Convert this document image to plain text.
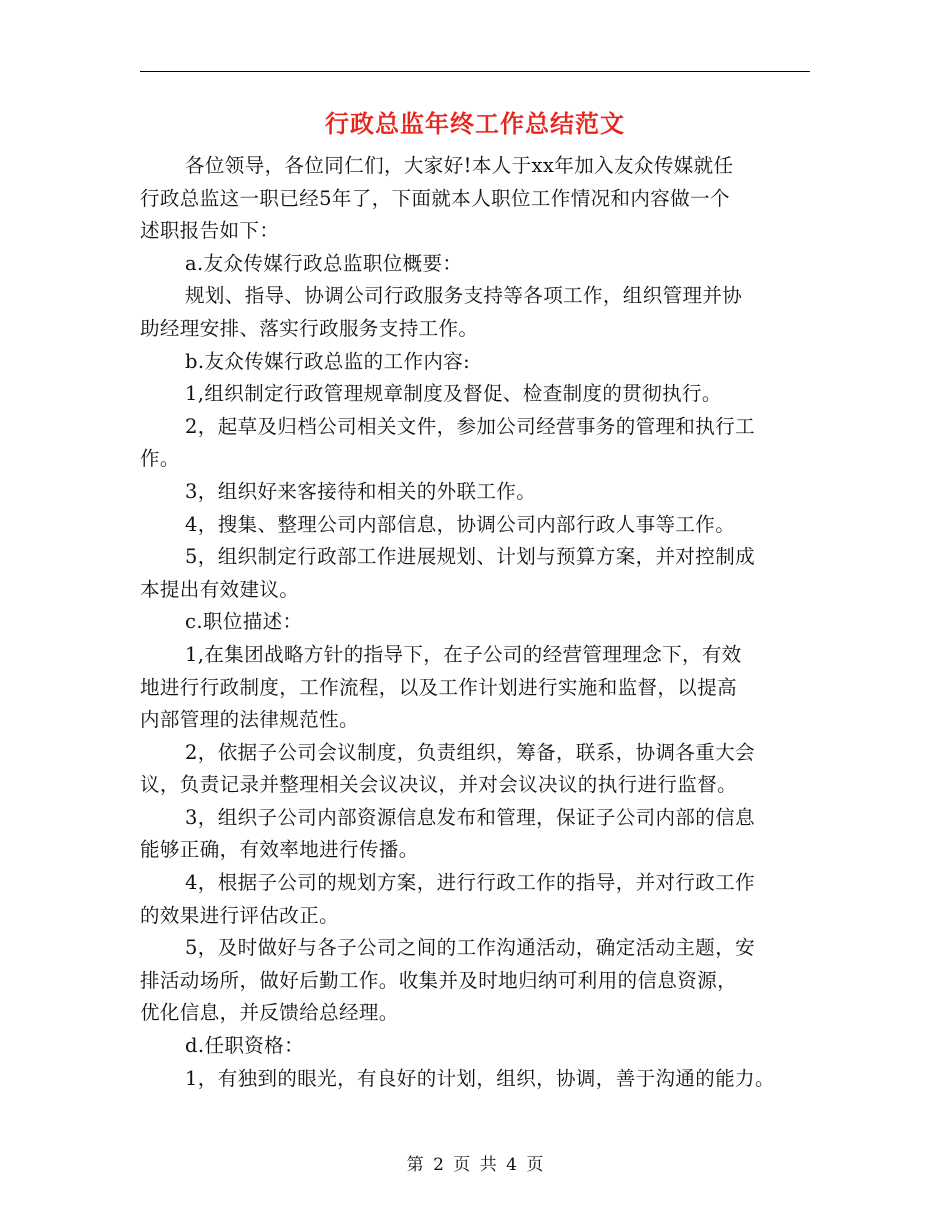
行政总监年终工作总结范文

各位领导，各位同仁们，大家好!本人于xx年加入友众传媒就任
行政总监这一职已经5年了，下面就本人职位工作情况和内容做一个
述职报告如下：

a.友众传媒行政总监职位概要：

规划、指导、协调公司行政服务支持等各项工作，组织管理并协
助经理安排、落实行政服务支持工作。

b.友众传媒行政总监的工作内容:

1,组织制定行政管理规章制度及督促、检查制度的贯彻执行。

2，起草及归档公司相关文件，参加公司经营事务的管理和执行工
作。

3，组织好来客接待和相关的外联工作。

4，搜集、整理公司内部信息，协调公司内部行政人事等工作。

5，组织制定行政部工作进展规划、计划与预算方案，并对控制成
本提出有效建议。

c.职位描述：

1,在集团战略方针的指导下，在子公司的经营管理理念下，有效
地进行行政制度，工作流程，以及工作计划进行实施和监督，以提高
内部管理的法律规范性。

2，依据子公司会议制度，负责组织，筹备，联系，协调各重大会
议，负责记录并整理相关会议决议，并对会议决议的执行进行监督。

3，组织子公司内部资源信息发布和管理，保证子公司内部的信息
能够正确，有效率地进行传播。

4，根据子公司的规划方案，进行行政工作的指导，并对行政工作
的效果进行评估改正。

5，及时做好与各子公司之间的工作沟通活动，确定活动主题，安
排活动场所，做好后勤工作。收集并及时地归纳可利用的信息资源，
优化信息，并反馈给总经理。

d.任职资格：

1，有独到的眼光，有良好的计划，组织，协调，善于沟通的能力。

第 2 页 共 4 页
